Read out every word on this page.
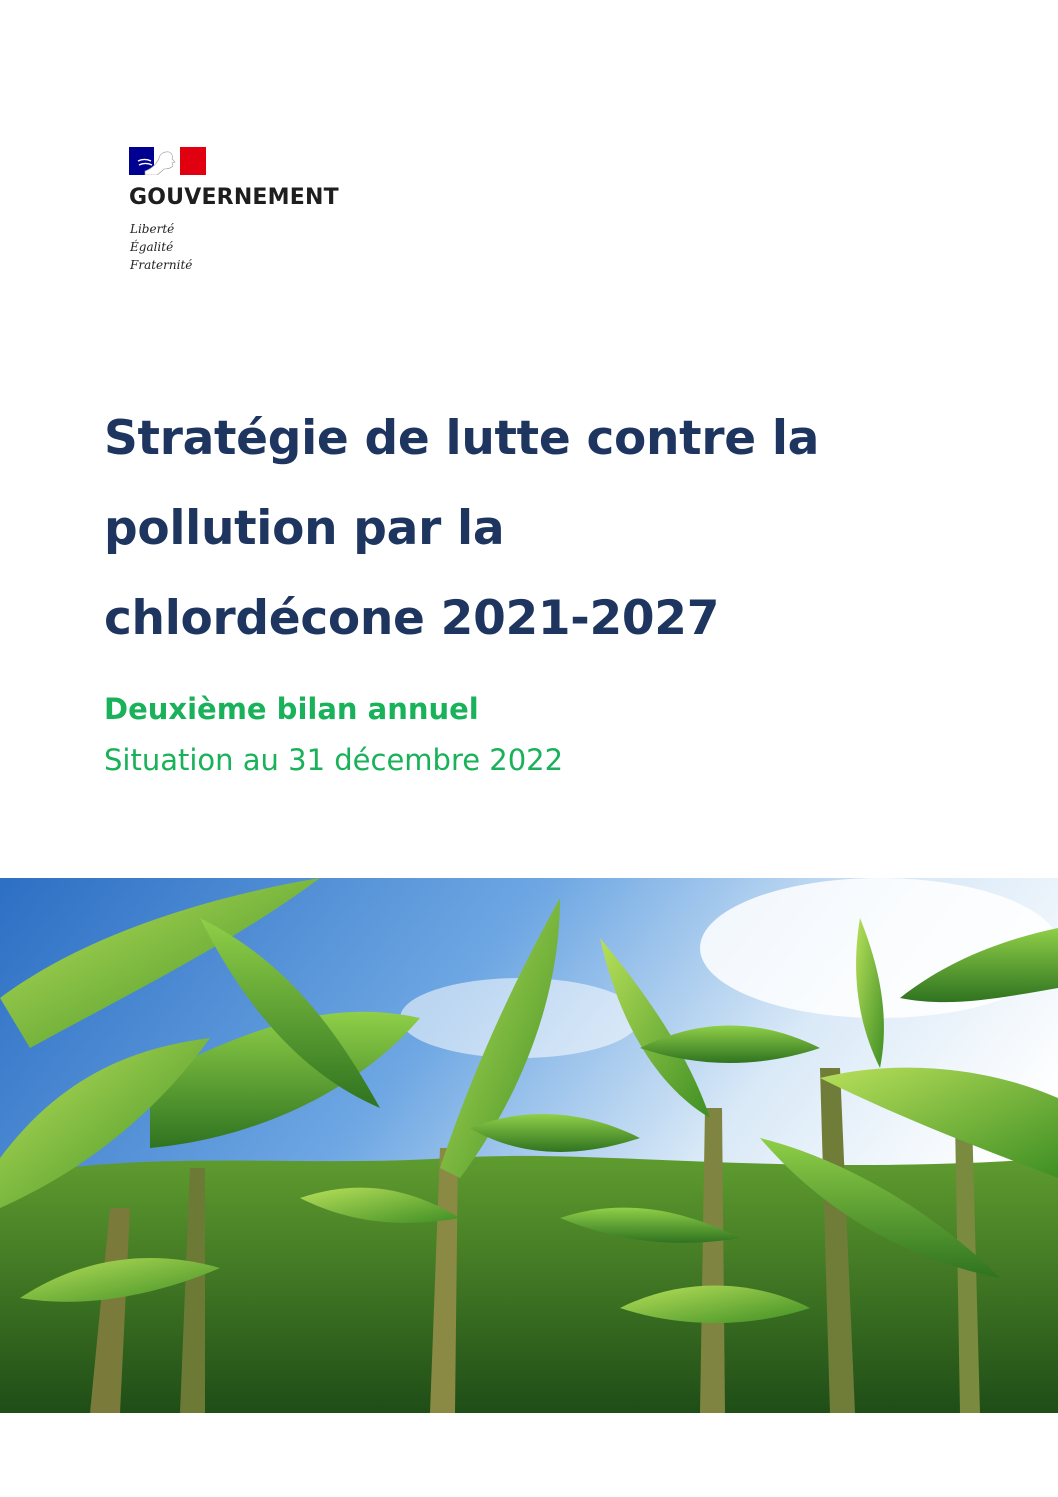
GOUVERNEMENT
Liberté
Égalité
Fraternité
Stratégie de lutte contre la
pollution par la
chlordécone 2021-2027
Deuxième bilan annuel
Situation au 31 décembre 2022
